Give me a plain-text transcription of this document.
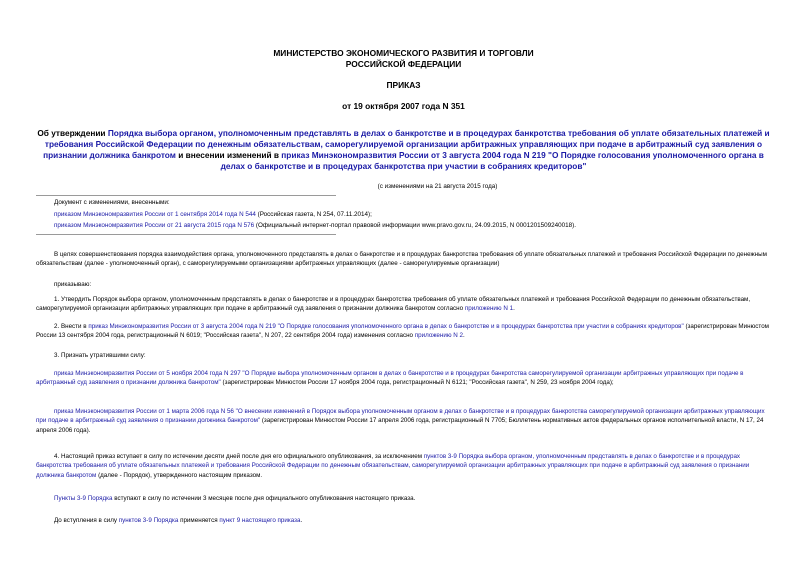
МИНИСТЕРСТВО ЭКОНОМИЧЕСКОГО РАЗВИТИЯ И ТОРГОВЛИ
РОССИЙСКОЙ ФЕДЕРАЦИИ
ПРИКАЗ
от 19 октября 2007 года N 351
Об утверждении Порядка выбора органом, уполномоченным представлять в делах о банкротстве и в процедурах банкротства требования об уплате обязательных платежей и требования Российской Федерации по денежным обязательствам, саморегулируемой организации арбитражных управляющих при подаче в арбитражный суд заявления о признании должника банкротом и внесении изменений в приказ Минэкономразвития России от 3 августа 2004 года N 219 "О Порядке голосования уполномоченного органа в делах о банкротстве и в процедурах банкротства при участии в собраниях кредиторов"
(с изменениями на 21 августа 2015 года)
Документ с изменениями, внесенными:
приказом Минэкономразвития России от 1 сентября 2014 года N 544 (Российская газета, N 254, 07.11.2014);
приказом Минэкономразвития России от 21 августа 2015 года N 576 (Официальный интернет-портал правовой информации www.pravo.gov.ru, 24.09.2015, N 0001201509240018).
В целях совершенствования порядка взаимодействия органа, уполномоченного представлять в делах о банкротстве и в процедурах банкротства требования об уплате обязательных платежей и требования Российской Федерации по денежным обязательствам (далее - уполномоченный орган), с саморегулируемыми организациями арбитражных управляющих (далее - саморегулируемые организации)
приказываю:
1. Утвердить Порядок выбора органом, уполномоченным представлять в делах о банкротстве и в процедурах банкротства требования об уплате обязательных платежей и требования Российской Федерации по денежным обязательствам, саморегулируемой организации арбитражных управляющих при подаче в арбитражный суд заявления о признании должника банкротом согласно приложению N 1.
2. Внести в приказ Минэкономразвития России от 3 августа 2004 года N 219 "О Порядке голосования уполномоченного органа в делах о банкротстве и в процедурах банкротства при участии в собраниях кредиторов" (зарегистрирован Минюстом России 13 сентября 2004 года, регистрационный N 6019; "Российская газета", N 207, 22 сентября 2004 года) изменения согласно приложению N 2.
3. Признать утратившими силу:
приказ Минэкономразвития России от 5 ноября 2004 года N 297 "О Порядке выбора уполномоченным органом в делах о банкротстве и в процедурах банкротства саморегулируемой организации арбитражных управляющих при подаче в арбитражный суд заявления о признании должника банкротом" (зарегистрирован Минюстом России 17 ноября 2004 года, регистрационный N 6121; "Российская газета", N 259, 23 ноября 2004 года);
приказ Минэкономразвития России от 1 марта 2006 года N 56 "О внесении изменений в Порядок выбора уполномоченным органом в делах о банкротстве и в процедурах банкротства саморегулируемой организации арбитражных управляющих при подаче в арбитражный суд заявления о признании должника банкротом" (зарегистрирован Минюстом России 17 апреля 2006 года, регистрационный N 7705; Бюллетень нормативных актов федеральных органов исполнительной власти, N 17, 24 апреля 2006 года).
4. Настоящий приказ вступает в силу по истечении десяти дней после дня его официального опубликования, за исключением пунктов 3-9 Порядка выбора органом, уполномоченным представлять в делах о банкротстве и в процедурах банкротства требования об уплате обязательных платежей и требования Российской Федерации по денежным обязательствам, саморегулируемой организации арбитражных управляющих при подаче в арбитражный суд заявления о признании должника банкротом (далее - Порядок), утвержденного настоящим приказом.
Пункты 3-9 Порядка вступают в силу по истечении 3 месяцев после дня официального опубликования настоящего приказа.
До вступления в силу пунктов 3-9 Порядка применяется пункт 9 настоящего приказа.
